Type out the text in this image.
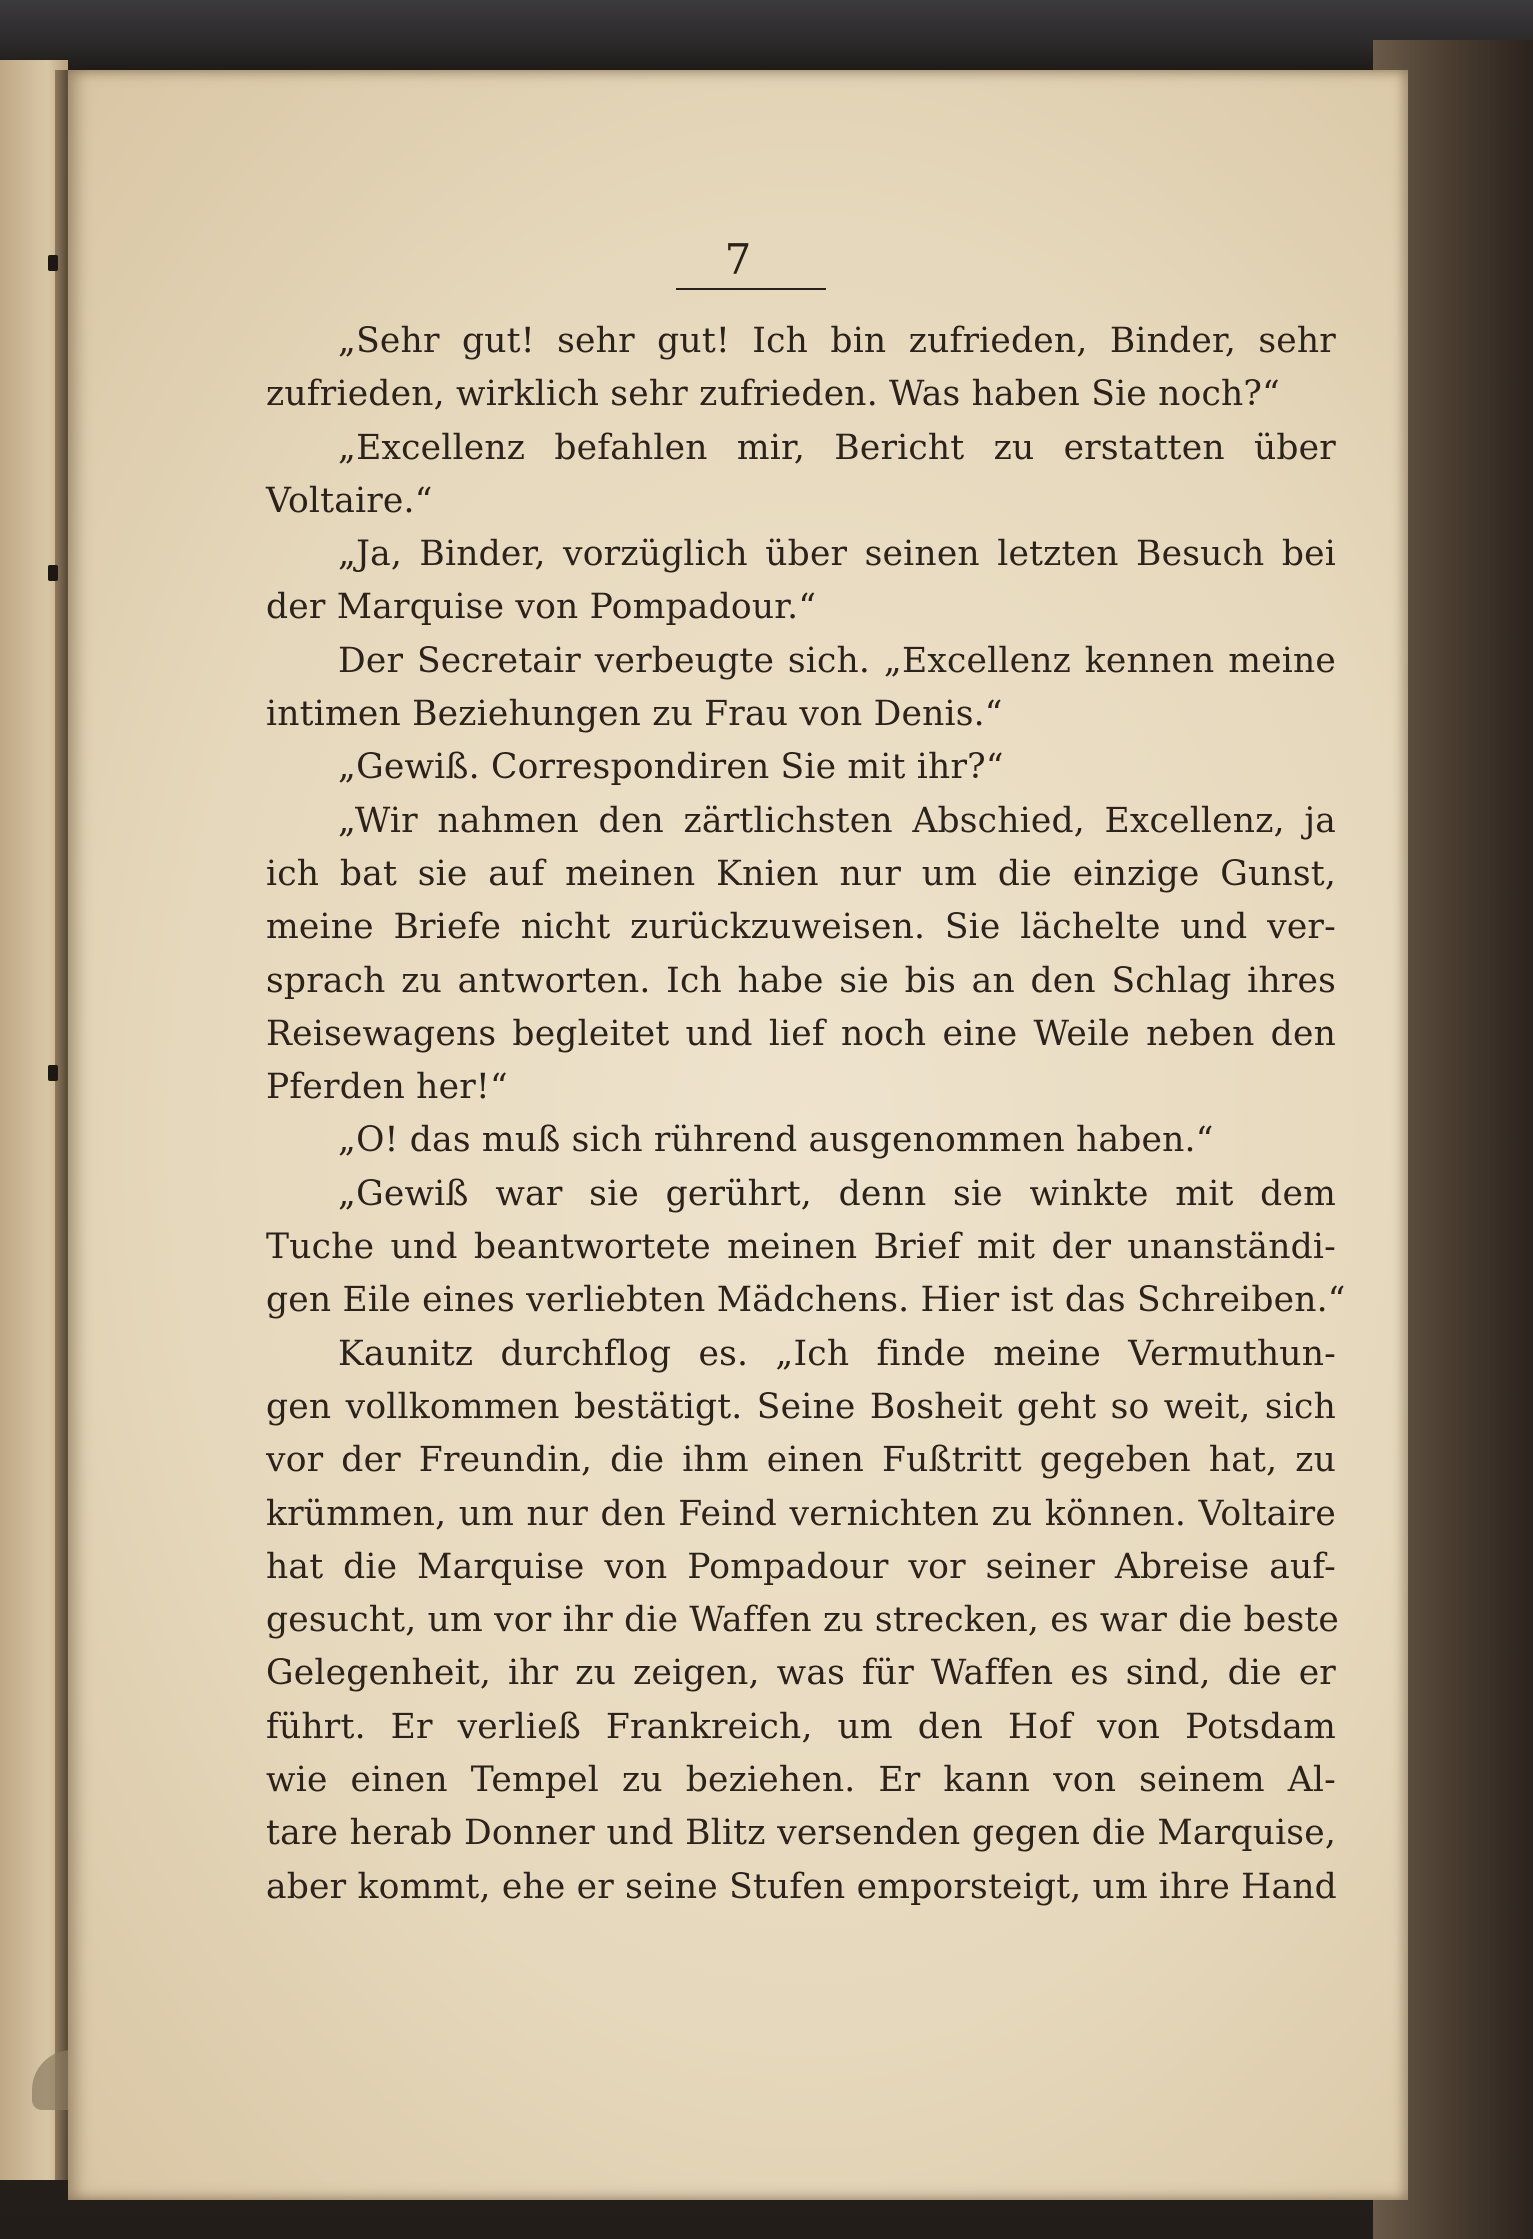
7
„Sehr gut! sehr gut! Ich bin zufrieden, Binder, sehr
zufrieden, wirklich sehr zufrieden. Was haben Sie noch?“
„Excellenz befahlen mir, Bericht zu erstatten über
Voltaire.“
„Ja, Binder, vorzüglich über seinen letzten Besuch bei
der Marquise von Pompadour.“
Der Secretair verbeugte sich. „Excellenz kennen meine
intimen Beziehungen zu Frau von Denis.“
„Gewiß. Correspondiren Sie mit ihr?“
„Wir nahmen den zärtlichsten Abschied, Excellenz, ja
ich bat sie auf meinen Knien nur um die einzige Gunst,
meine Briefe nicht zurückzuweisen. Sie lächelte und ver-
sprach zu antworten. Ich habe sie bis an den Schlag ihres
Reisewagens begleitet und lief noch eine Weile neben den
Pferden her!“
„O! das muß sich rührend ausgenommen haben.“
„Gewiß war sie gerührt, denn sie winkte mit dem
Tuche und beantwortete meinen Brief mit der unanständi-
gen Eile eines verliebten Mädchens. Hier ist das Schreiben.“
Kaunitz durchflog es. „Ich finde meine Vermuthun-
gen vollkommen bestätigt. Seine Bosheit geht so weit, sich
vor der Freundin, die ihm einen Fußtritt gegeben hat, zu
krümmen, um nur den Feind vernichten zu können. Voltaire
hat die Marquise von Pompadour vor seiner Abreise auf-
gesucht, um vor ihr die Waffen zu strecken, es war die beste
Gelegenheit, ihr zu zeigen, was für Waffen es sind, die er
führt. Er verließ Frankreich, um den Hof von Potsdam
wie einen Tempel zu beziehen. Er kann von seinem Al-
tare herab Donner und Blitz versenden gegen die Marquise,
aber kommt, ehe er seine Stufen emporsteigt, um ihre Hand
